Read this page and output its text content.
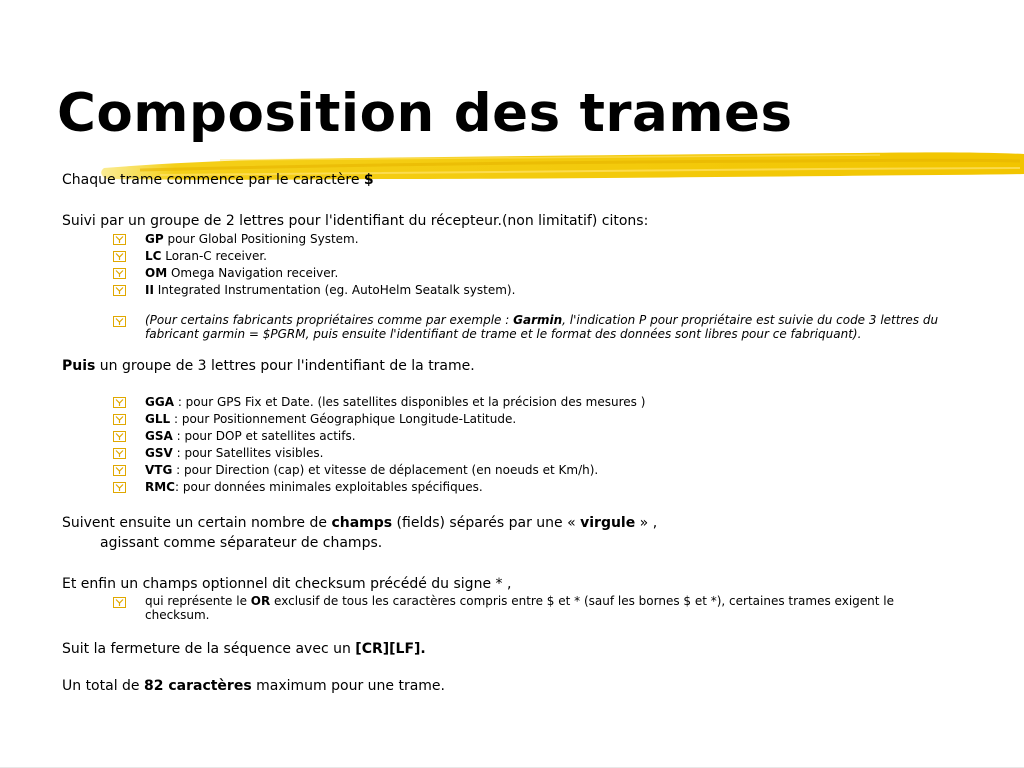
Composition des trames

Chaque trame commence par le caractère $

Suivi par un groupe de 2 lettres pour l'identifiant du récepteur.(non limitatif) citons:

GP pour Global Positioning System.
LC Loran-C receiver.
OM Omega Navigation receiver.
II Integrated Instrumentation (eg. AutoHelm Seatalk system).
(Pour certains fabricants propriétaires comme par exemple : Garmin, l'indication P pour propriétaire est suivie du code 3 lettres du fabricant garmin = $PGRM, puis ensuite l'identifiant de trame et le format des données sont libres pour ce fabriquant).

Puis un groupe de 3 lettres pour l'indentifiant de la trame.

GGA : pour GPS Fix et Date. (les satellites disponibles et la précision des mesures )
GLL : pour Positionnement Géographique Longitude-Latitude.
GSA : pour DOP et satellites actifs.
GSV : pour Satellites visibles.
VTG : pour Direction (cap) et vitesse de déplacement (en noeuds et Km/h).
RMC: pour données minimales exploitables spécifiques.

Suivent ensuite un certain nombre de champs (fields) séparés par une « virgule » ,

agissant comme séparateur de champs.

Et enfin un champs optionnel dit checksum précédé du signe * ,

qui représente le OR exclusif de tous les caractères compris entre $ et * (sauf les bornes $ et *), certaines trames exigent le checksum.

Suit la fermeture de la séquence avec un [CR][LF].

Un total de 82 caractères maximum pour une trame.
